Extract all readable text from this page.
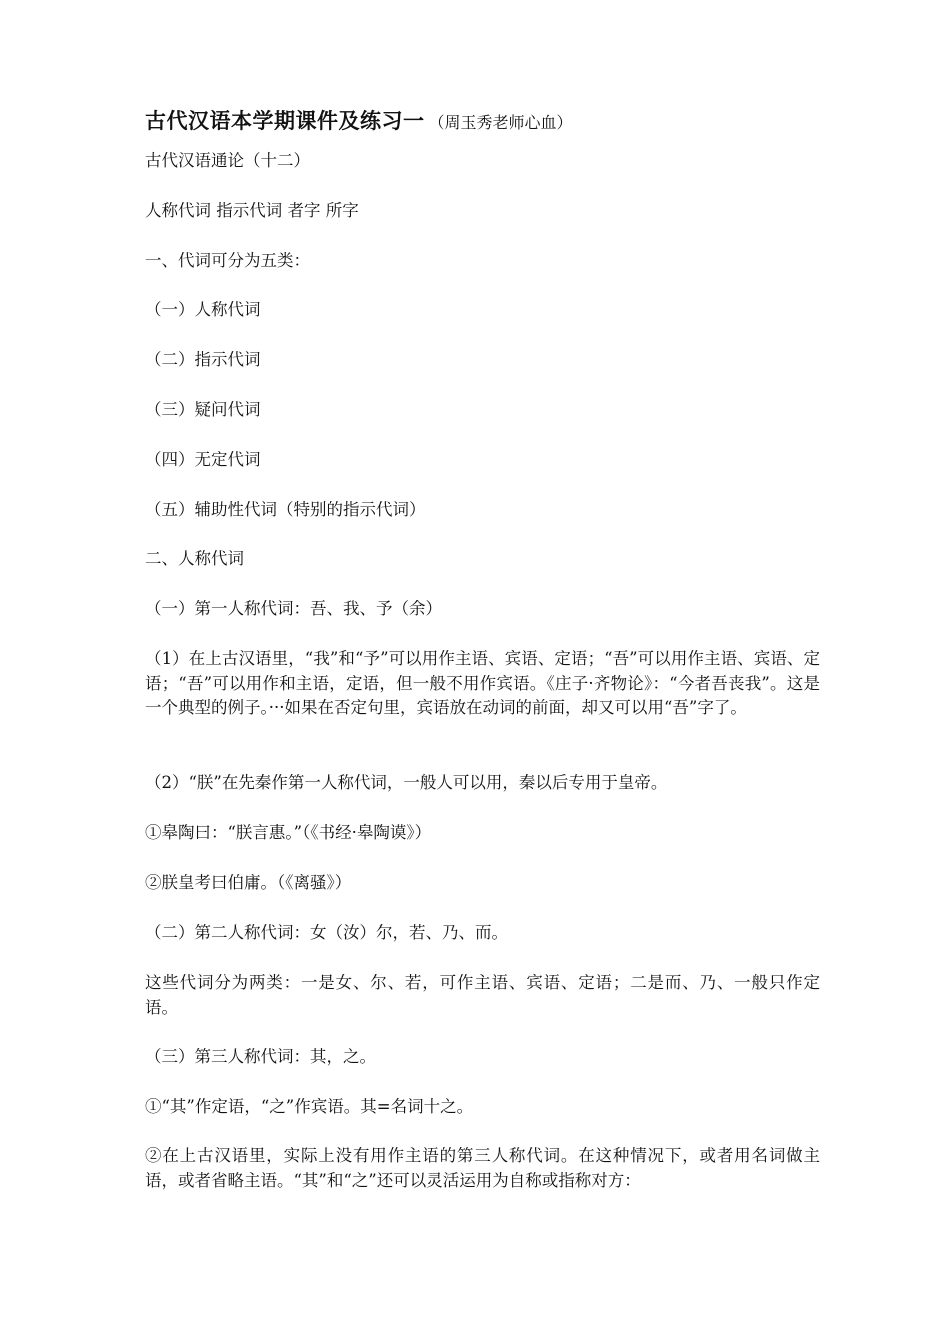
古代汉语本学期课件及练习一 （周玉秀老师心血）
古代汉语通论（十二）
人称代词 指示代词 者字 所字
一、代词可分为五类：
（一）人称代词
（二）指示代词
（三）疑问代词
（四）无定代词
（五）辅助性代词（特别的指示代词）
二、人称代词
（一）第一人称代词：吾、我、予（余）
（1）在上古汉语里，“我”和“予”可以用作主语、宾语、定语；“吾”可以用作主语、宾语、定语；“吾”可以用作和主语，定语，但一般不用作宾语。《庄子·齐物论》：“今者吾丧我”。这是一个典型的例子。···如果在否定句里，宾语放在动词的前面，却又可以用“吾”字了。
（2）“朕”在先秦作第一人称代词，一般人可以用，秦以后专用于皇帝。
①皋陶曰：“朕言惠。”（《书经·皋陶谟》）
②朕皇考曰伯庸。（《离骚》）
（二）第二人称代词：女（汝）尔，若、乃、而。
这些代词分为两类：一是女、尔、若，可作主语、宾语、定语；二是而、乃、一般只作定语。
（三）第三人称代词：其，之。
①“其”作定语，“之”作宾语。其=名词十之。
②在上古汉语里，实际上没有用作主语的第三人称代词。在这种情况下，或者用名词做主语，或者省略主语。“其”和“之”还可以灵活运用为自称或指称对方：
